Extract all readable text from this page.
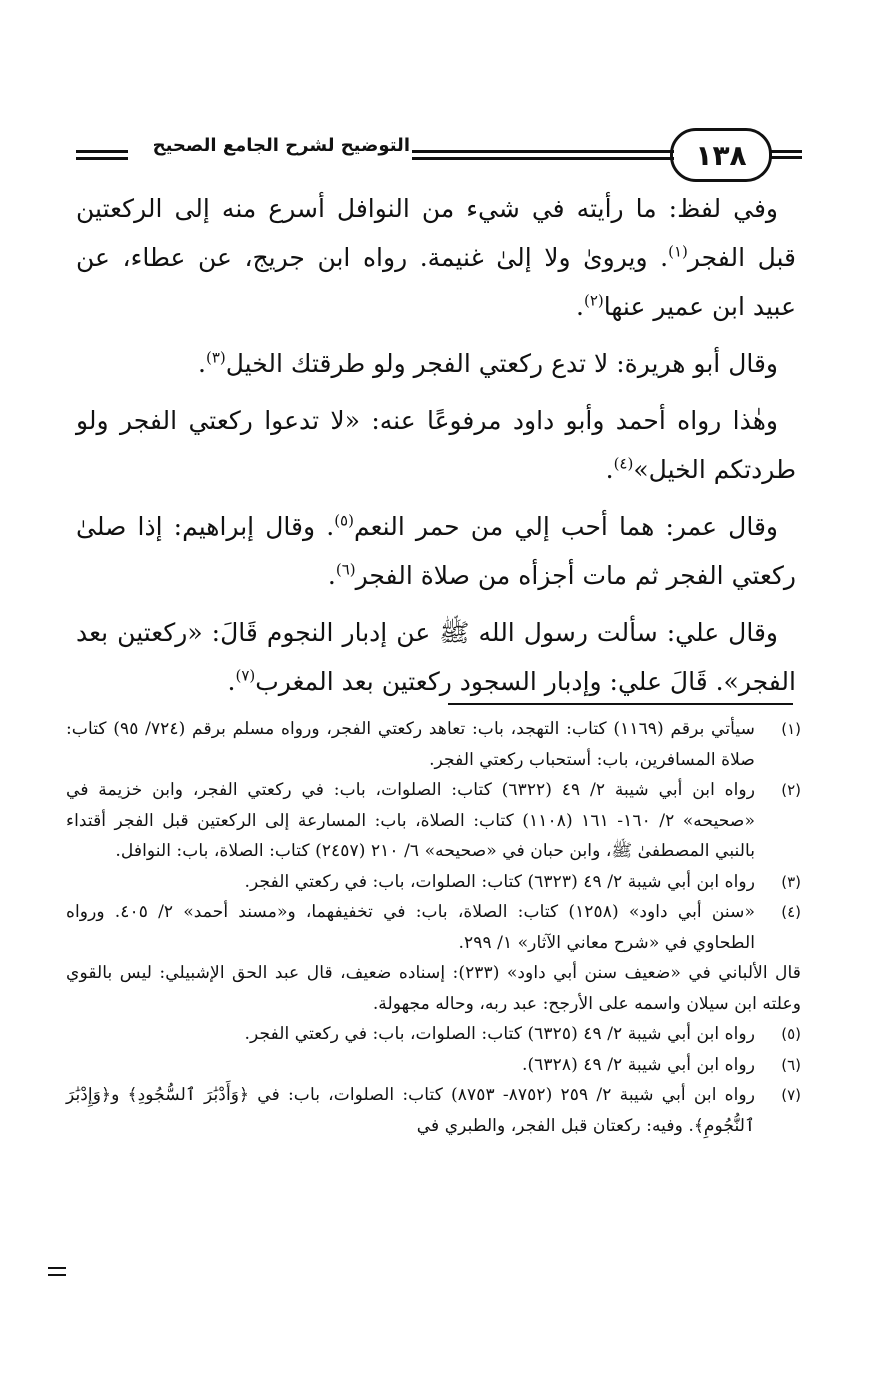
١٣٨
التوضيح لشرح الجامع الصحيح

وفي لفظ: ما رأيته في شيء من النوافل أسرع منه إلى الركعتين قبل الفجر$^{(١)}$. ويروىٰ ولا إلىٰ غنيمة. رواه ابن جريج، عن عطاء، عن عبيد ابن عمير عنها$^{(٢)}$.

وقال أبو هريرة: لا تدع ركعتي الفجر ولو طرقتك الخيل$^{(٣)}$.

وهٰذا رواه أحمد وأبو داود مرفوعًا عنه: «لا تدعوا ركعتي الفجر ولو طردتكم الخيل»$^{(٤)}$.

وقال عمر: هما أحب إلي من حمر النعم$^{(٥)}$. وقال إبراهيم: إذا صلىٰ ركعتي الفجر ثم مات أجزأه من صلاة الفجر$^{(٦)}$.

وقال علي: سألت رسول الله ﷺ عن إدبار النجوم قَالَ: «ركعتين بعد الفجر». قَالَ علي: وإدبار السجود ركعتين بعد المغرب$^{(٧)}$.

(١)
سيأتي برقم (١١٦٩) كتاب: التهجد، باب: تعاهد ركعتي الفجر، ورواه مسلم برقم (٧٢٤/ ٩٥) كتاب: صلاة المسافرين، باب: أستحباب ركعتي الفجر.
(٢)
رواه ابن أبي شيبة ٢/ ٤٩ (٦٣٢٢) كتاب: الصلوات، باب: في ركعتي الفجر، وابن خزيمة في «صحيحه» ٢/ ١٦٠- ١٦١ (١١٠٨) كتاب: الصلاة، باب: المسارعة إلى الركعتين قبل الفجر أقتداء بالنبي المصطفىٰ ﷺ، وابن حبان في «صحيحه» ٦/ ٢١٠ (٢٤٥٧) كتاب: الصلاة، باب: النوافل.
(٣)
رواه ابن أبي شيبة ٢/ ٤٩ (٦٣٢٣) كتاب: الصلوات، باب: في ركعتي الفجر.
(٤)
«سنن أبي داود» (١٢٥٨) كتاب: الصلاة، باب: في تخفيفهما، و«مسند أحمد» ٢/ ٤٠٥. ورواه الطحاوي في «شرح معاني الآثار» ١/ ٢٩٩.
قال الألباني في «ضعيف سنن أبي داود» (٢٣٣): إسناده ضعيف، قال عبد الحق الإشبيلي: ليس بالقوي وعلته ابن سيلان واسمه على الأرجح: عبد ربه، وحاله مجهولة.
(٥)
رواه ابن أبي شيبة ٢/ ٤٩ (٦٣٢٥) كتاب: الصلوات، باب: في ركعتي الفجر.
(٦)
رواه ابن أبي شيبة ٢/ ٤٩ (٦٣٢٨).
(٧)
رواه ابن أبي شيبة ٢/ ٢٥٩ (٨٧٥٢- ٨٧٥٣) كتاب: الصلوات، باب: في ﴿وَأَدْبَٰرَ ٱلسُّجُودِ﴾ و﴿وَإِدْبَٰرَ ٱلنُّجُومِ﴾. وفيه: ركعتان قبل الفجر، والطبري في
